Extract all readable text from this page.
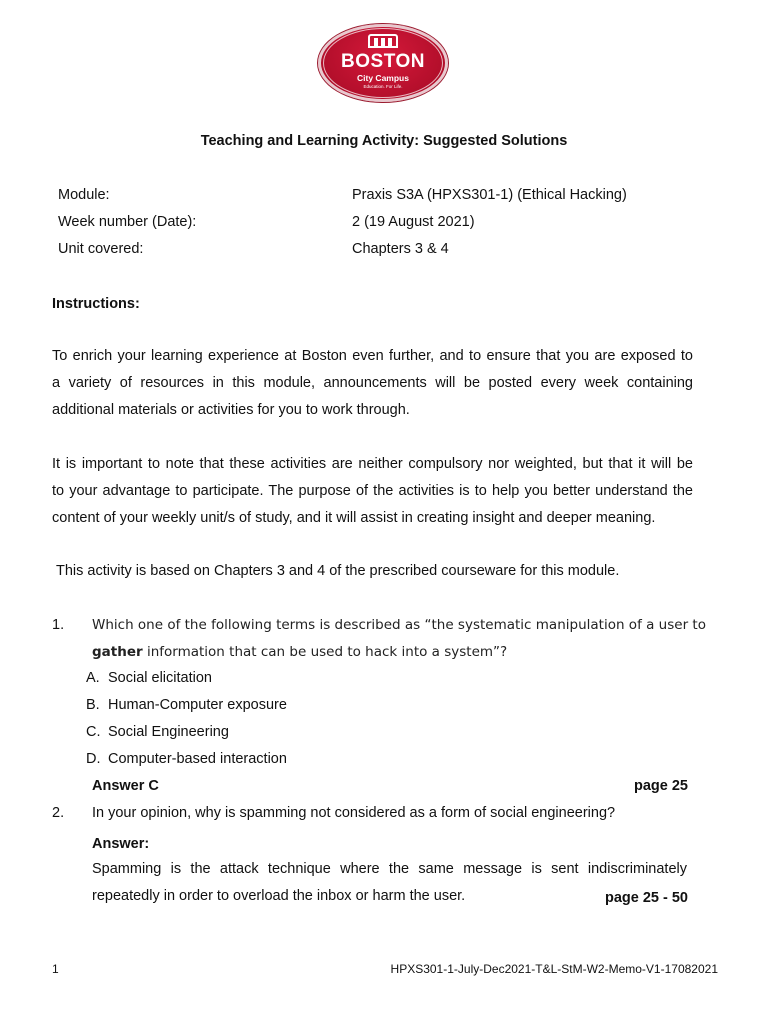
BOSTON
City Campus
Education. For Life.
Teaching and Learning Activity: Suggested Solutions
Module:	Praxis S3A (HPXS301-1) (Ethical Hacking)
Week number (Date):	2 (19 August 2021)
Unit covered:	Chapters 3 & 4
Instructions:
To enrich your learning experience at Boston even further, and to ensure that you are exposed to
a variety of resources in this module, announcements will be posted every week containing
additional materials or activities for you to work through.
It is important to note that these activities are neither compulsory nor weighted, but that it will be
to your advantage to participate. The purpose of the activities is to help you better understand the
content of your weekly unit/s of study, and it will assist in creating insight and deeper meaning.
This activity is based on Chapters 3 and 4 of the prescribed courseware for this module.
1. Which one of the following terms is described as “the systematic manipulation of a user to
gather information that can be used to hack into a system”?
A. Social elicitation
B. Human-Computer exposure
C. Social Engineering
D. Computer-based interaction
Answer C	page 25
2. In your opinion, why is spamming not considered as a form of social engineering?
Answer:
Spamming is the attack technique where the same message is sent indiscriminately
repeatedly in order to overload the inbox or harm the user.	page 25 - 50
1	HPXS301-1-July-Dec2021-T&L-StM-W2-Memo-V1-17082021
